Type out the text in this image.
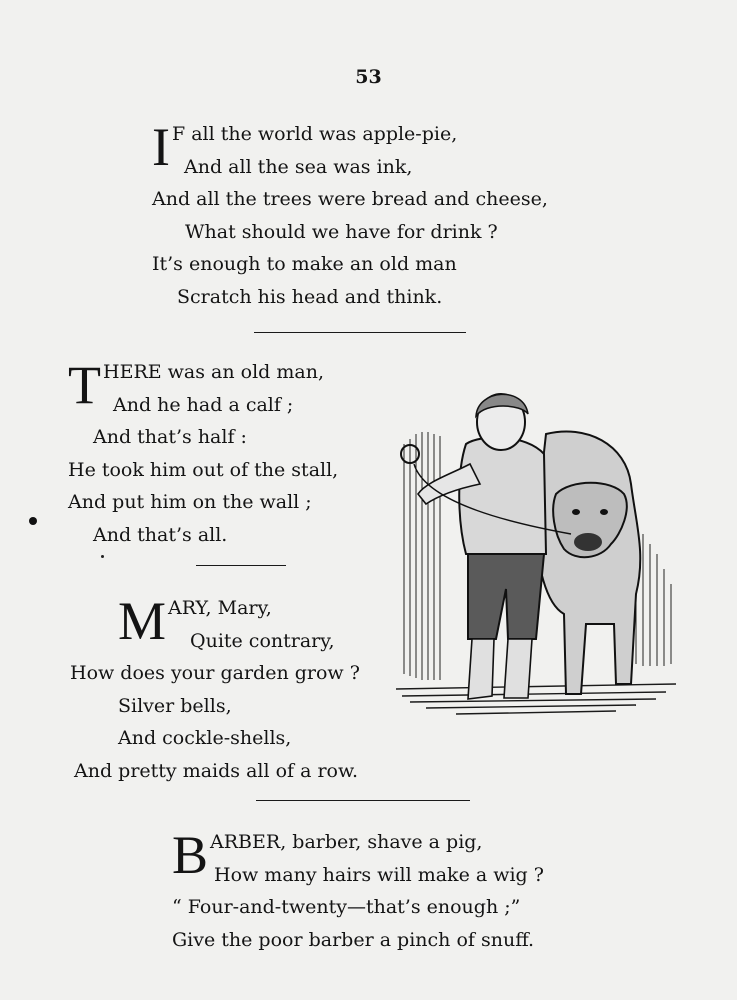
53
I F all the world was apple-pie,
And all the sea was ink,
And all the trees were bread and cheese,
What should we have for drink ?
It’s enough to make an old man
Scratch his head and think.
T HERE was an old man,
And he had a calf ;
And that’s half :
He took him out of the stall,
And put him on the wall ;
And that’s all.
M ARY, Mary,
Quite contrary,
How does your garden grow ?
Silver bells,
And cockle-shells,
And pretty maids all of a row.
B ARBER, barber, shave a pig,
How many hairs will make a wig ?
“ Four-and-twenty—that’s enough ;”
Give the poor barber a pinch of snuff.
